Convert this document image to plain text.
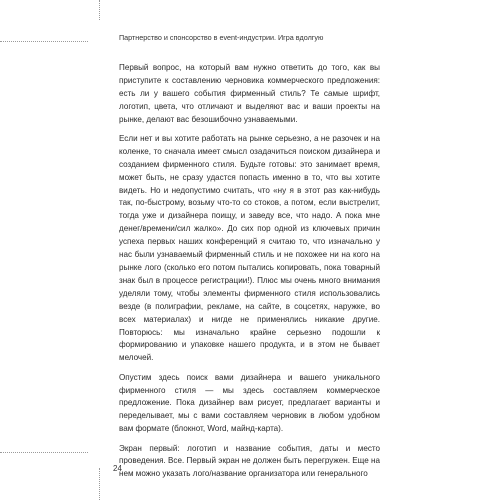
Партнерство и спонсорство в event-индустрии. Игра вдолгую

Первый вопрос, на который вам нужно ответить до того, как вы приступите к составлению черновика коммерческого предложения: есть ли у вашего события фирменный стиль? Те самые шрифт, логотип, цвета, что отличают и выделяют вас и ваши проекты на рынке, делают вас безошибочно узнаваемыми.

Если нет и вы хотите работать на рынке серьезно, а не разочек и на коленке, то сначала имеет смысл озадачиться поиском дизайнера и созданием фирменного стиля. Будьте готовы: это занимает время, может быть, не сразу удастся попасть именно в то, что вы хотите видеть. Но и недопустимо считать, что «ну я в этот раз как-нибудь так, по-быстрому, возьму что-то со стоков, а потом, если выстрелит, тогда уже и дизайнера поищу, и заведу все, что надо. А пока мне денег/времени/сил жалко». До сих пор одной из ключевых причин успеха первых наших конференций я считаю то, что изначально у нас были узнаваемый фирменный стиль и не похожее ни на кого на рынке лого (сколько его потом пытались копировать, пока товарный знак был в процессе регистрации!). Плюс мы очень много внимания уделяли тому, чтобы элементы фирменного стиля использовались везде (в полиграфии, рекламе, на сайте, в соцсетях, наружке, во всех материалах) и нигде не применялись никакие другие. Повторюсь: мы изначально крайне серьезно подошли к формированию и упаковке нашего продукта, и в этом не бывает мелочей.

Опустим здесь поиск вами дизайнера и вашего уникального фирменного стиля — мы здесь составляем коммерческое предложение. Пока дизайнер вам рисует, предлагает варианты и переделывает, мы с вами составляем черновик в любом удобном вам формате (блокнот, Word, майнд-карта).

Экран первый: логотип и название события, даты и место проведения. Все. Первый экран не должен быть перегружен. Еще на нем можно указать лого/название организатора или генерального

24
